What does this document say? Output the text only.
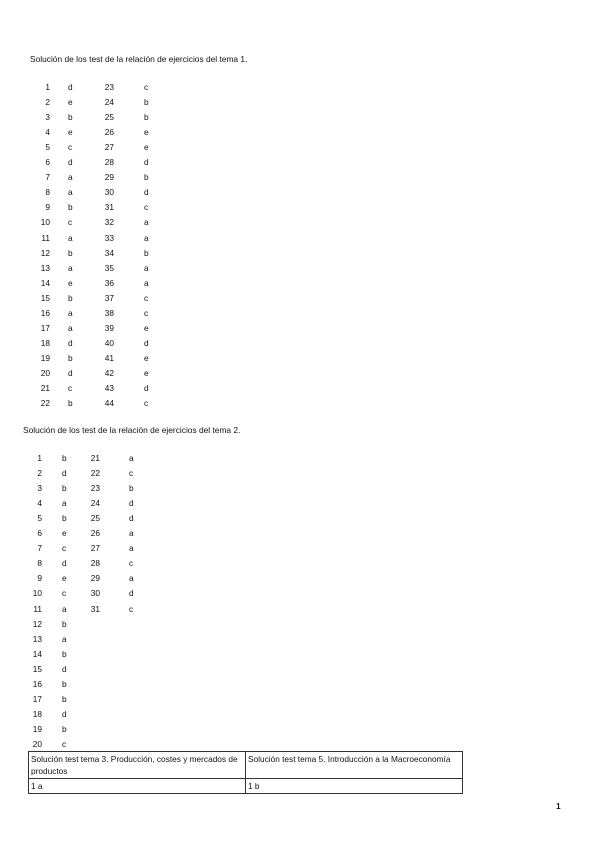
Solución de los test de la relación de ejercicios del tema 1.
1 d	23	c
2 e	24	b
3 b	25	b
4 e	26	e
5 c	27	e
6 d	28	d
7 a	29	b
8 a	30	d
9 b	31	c
10 c	32	a
11 a	33	a
12 b	34	b
13 a	35	a
14 e	36	a
15 b	37	c
16 a	38	c
17 a	39	e
18 d	40	d
19 b	41	e
20 d	42	e
21 c	43	d
22 b	44	c
Solución de los test de la relación de ejercicios del tema 2.
1 b	21	a
2 d	22	c
3 b	23	b
4 a	24	d
5 b	25	d
6 e	26	a
7 c	27	a
8 d	28	c
9 e	29	a
10 c	30	d
11 a	31	c
12 b
13 a
14 b
15 d
16 b
17 b
18 d
19 b
20 c
Solución test tema 3. Producción, costes y mercados de productos	Solución test tema 5. Introducción a la Macroeconomía
1 a	1 b
1
